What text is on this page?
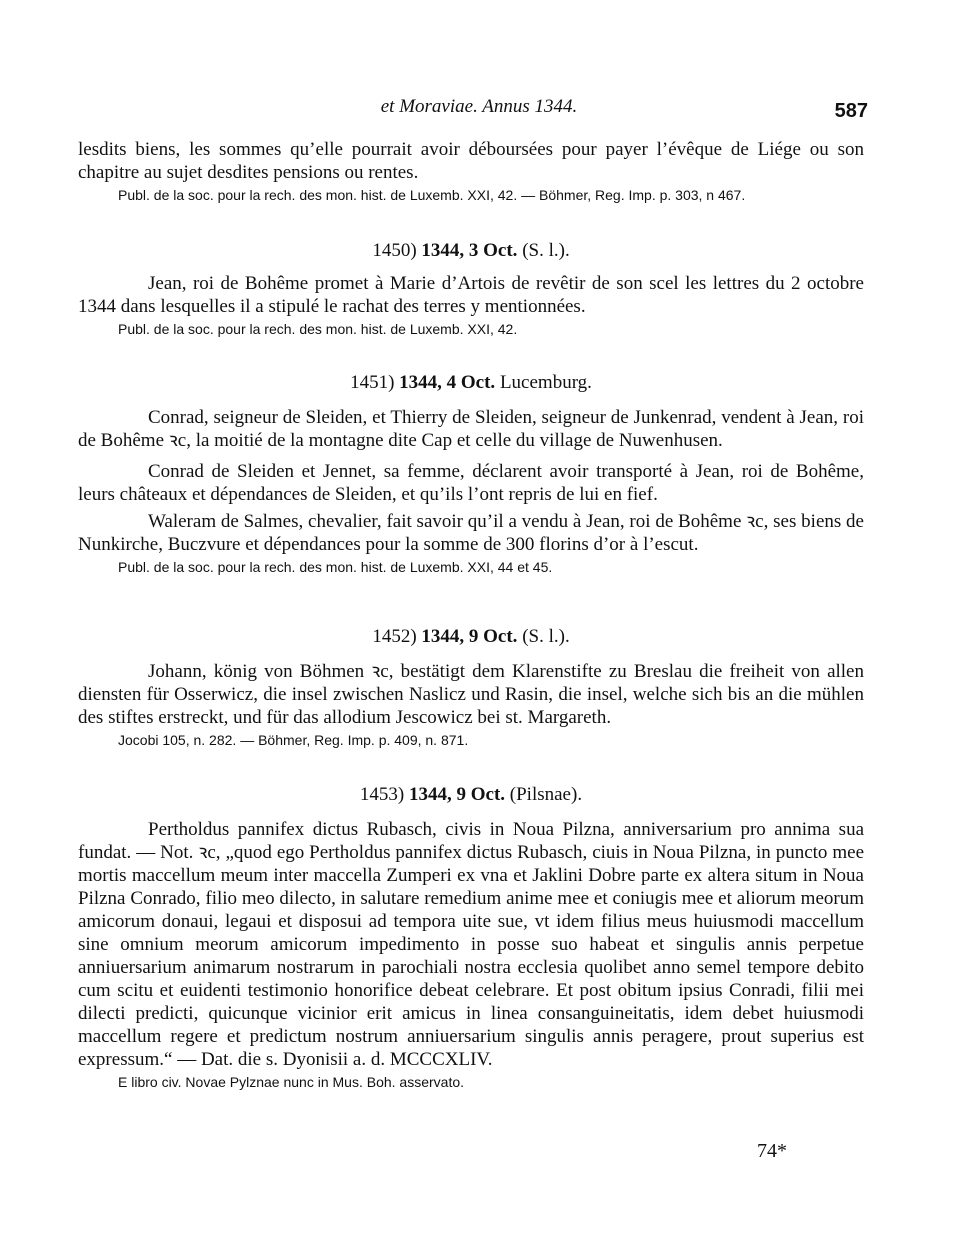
et Moraviae. Annus 1344.	587

lesdits biens, les sommes qu’elle pourrait avoir déboursées pour payer l’évêque de Liége ou son chapitre au sujet desdites pensions ou rentes.

Publ. de la soc. pour la rech. des mon. hist. de Luxemb. XXI, 42. — Böhmer, Reg. Imp. p. 303, n 467.

1450) 1344, 3 Oct. (S. l.).

Jean, roi de Bohême promet à Marie d’Artois de revêtir de son scel les lettres du 2 octobre 1344 dans lesquelles il a stipulé le rachat des terres y mentionnées.

Publ. de la soc. pour la rech. des mon. hist. de Luxemb. XXI, 42.

1451) 1344, 4 Oct. Lucemburg.

Conrad, seigneur de Sleiden, et Thierry de Sleiden, seigneur de Junkenrad, vendent à Jean, roi de Bohême ꝛc, la moitié de la montagne dite Cap et celle du village de Nuwenhusen.

Conrad de Sleiden et Jennet, sa femme, déclarent avoir transporté à Jean, roi de Bohême, leurs châteaux et dépendances de Sleiden, et qu’ils l’ont repris de lui en fief.

Waleram de Salmes, chevalier, fait savoir qu’il a vendu à Jean, roi de Bohême ꝛc, ses biens de Nunkirche, Buczvure et dépendances pour la somme de 300 florins d’or à l’escut.

Publ. de la soc. pour la rech. des mon. hist. de Luxemb. XXI, 44 et 45.

1452) 1344, 9 Oct. (S. l.).

Johann, könig von Böhmen ꝛc, bestätigt dem Klarenstifte zu Breslau die freiheit von allen diensten für Osserwicz, die insel zwischen Naslicz und Rasin, die insel, welche sich bis an die mühlen des stiftes erstreckt, und für das allodium Jescowicz bei st. Margareth.

Jocobi 105, n. 282. — Böhmer, Reg. Imp. p. 409, n. 871.

1453) 1344, 9 Oct. (Pilsnae).

Pertholdus pannifex dictus Rubasch, civis in Noua Pilzna, anniversarium pro annima sua fundat. — Not. ꝛc, „quod ego Pertholdus pannifex dictus Rubasch, ciuis in Noua Pilzna, in puncto mee mortis maccellum meum inter maccella Zumperi ex vna et Jaklini Dobre parte ex altera situm in Noua Pilzna Conrado, filio meo dilecto, in salutare remedium anime mee et coniugis mee et aliorum meorum amicorum donaui, legaui et disposui ad tempora uite sue, vt idem filius meus huiusmodi maccellum sine omnium meorum amicorum impedimento in posse suo habeat et singulis annis perpetue anniuersarium animarum nostrarum in parochiali nostra ecclesia quolibet anno semel tempore debito cum scitu et euidenti testimonio honorifice debeat celebrare. Et post obitum ipsius Conradi, filii mei dilecti predicti, quicunque vicinior erit amicus in linea consanguineitatis, idem debet huiusmodi maccellum regere et predictum nostrum anniuersarium singulis annis peragere, prout superius est expressum.“ — Dat. die s. Dyonisii a. d. MCCCXLIV.

E libro civ. Novae Pylznae nunc in Mus. Boh. asservato.

74*
